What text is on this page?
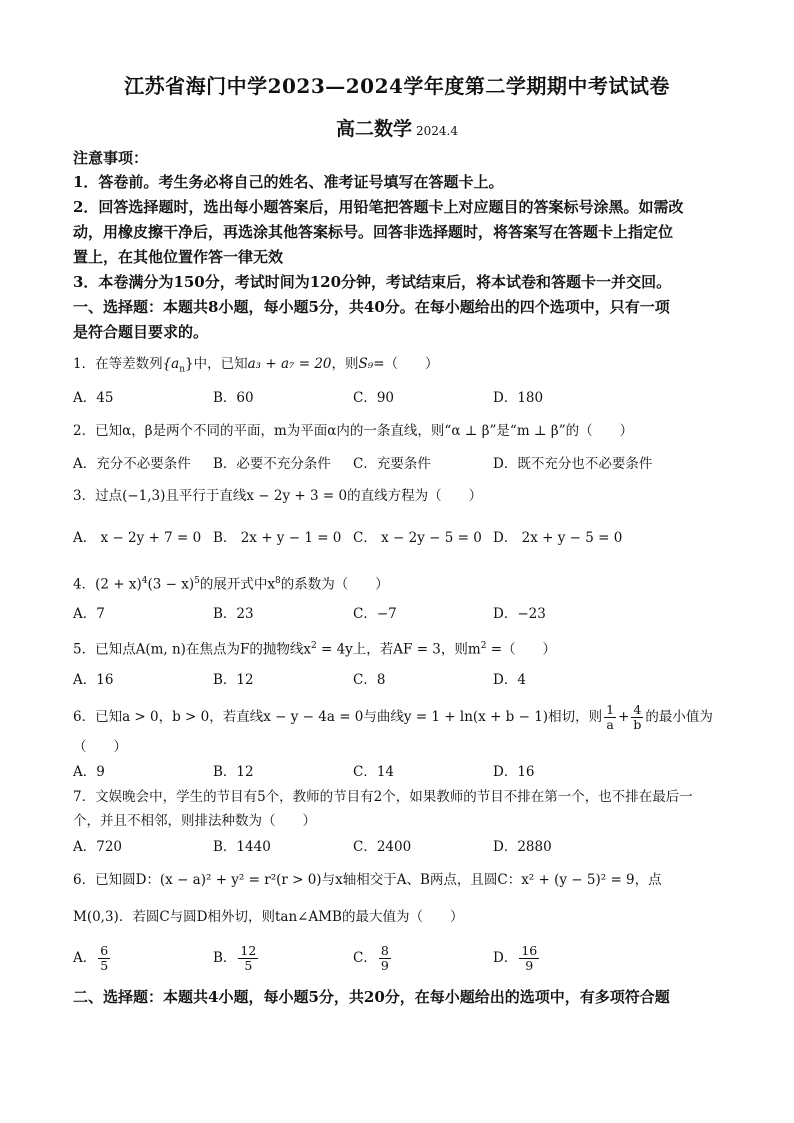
江苏省海门中学2023—2024学年度第二学期期中考试试卷
高二数学 2024.4
注意事项：
1．答卷前。考生务必将自己的姓名、准考证号填写在答题卡上。
2．回答选择题时，选出每小题答案后，用铅笔把答题卡上对应题目的答案标号涂黑。如需改
动，用橡皮擦干净后，再选涂其他答案标号。回答非选择题时，将答案写在答题卡上指定位
置上，在其他位置作答一律无效
3．本卷满分为150分，考试时间为120分钟，考试结束后，将本试卷和答题卡一并交回。
一、选择题：本题共8小题，每小题5分，共40分。在每小题给出的四个选项中，只有一项
是符合题目要求的。
1．在等差数列$\{a_n\}$中，已知a₃ + a₇ = 20，则S₉=（　　）
A．45	B．60	C．90	D．180
2．已知α，β是两个不同的平面，m为平面α内的一条直线，则“α ⊥ β”是“m ⊥ β”的（　　）
A．充分不必要条件 B．必要不充分条件 C．充要条件	D．既不充分也不必要条件
3．过点(−1,3)且平行于直线x − 2y + 3 = 0的直线方程为（　　）
A． x − 2y + 7 = 0 B． 2x + y − 1 = 0 C． x − 2y − 5 = 0 D． 2x + y − 5 = 0
4．$(2 + x)^4(3 - x)^5$的展开式中$x^8$的系数为（　　）
A．7	B．23	C．−7	D．−23
5．已知点A(m, n)在焦点为F的抛物线$x^2 = 4y$上，若AF = 3，则$m^2$ =（　　）
A．16	B．12	C．8	D．4
6．已知a > 0，b > 0，若直线x − y − 4a = 0与曲线y = 1 + ln(x + b − 1)相切，则 $\frac{1}{a} + \frac{4}{b}$ 的最小值为
（　　）
A．9	B．12	C．14	D．16
7．文娱晚会中，学生的节目有5个，教师的节目有2个，如果教师的节目不排在第一个，也不排在最后一
个，并且不相邻，则排法种数为（　　）
A．720	B．1440	C．2400	D．2880
6．已知圆D：(x − a)² + y² = r²(r > 0)与x轴相交于A、B两点，且圆C：x² + (y − 5)² = 9，点
M(0,3)．若圆C与圆D相外切，则tan∠AMB的最大值为（　　）
A． $\frac{6}{5}$	B． $\frac{12}{5}$	C． $\frac{8}{9}$	D． $\frac{16}{9}$
二、选择题：本题共4小题，每小题5分，共20分，在每小题给出的选项中，有多项符合题
